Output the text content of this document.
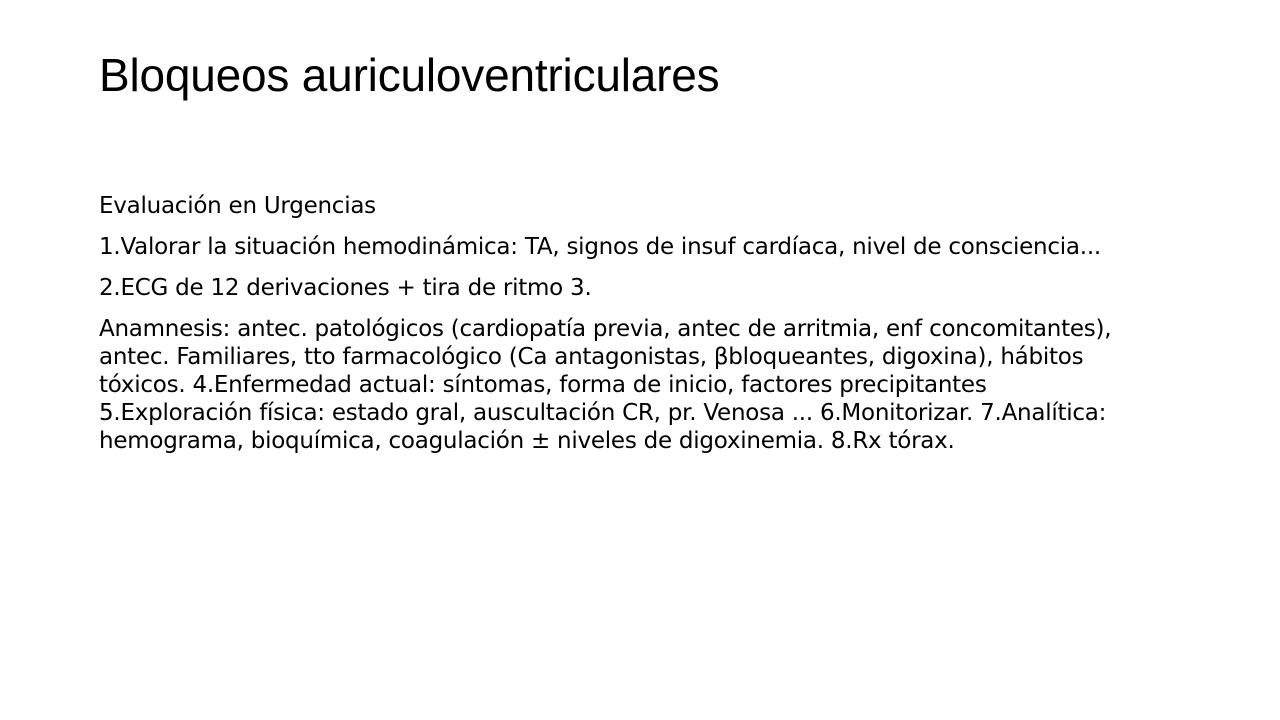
Bloqueos auriculoventriculares

Evaluación en Urgencias

1.Valorar la situación hemodinámica: TA, signos de insuf cardíaca, nivel de consciencia...

2.ECG de 12 derivaciones + tira de ritmo 3.

Anamnesis: antec. patológicos (cardiopatía previa, antec de arritmia, enf concomitantes), antec. Familiares, tto farmacológico (Ca antagonistas, βbloqueantes, digoxina), hábitos tóxicos. 4.Enfermedad actual: síntomas, forma de inicio, factores precipitantes 5.Exploración física: estado gral, auscultación CR, pr. Venosa ... 6.Monitorizar. 7.Analítica: hemograma, bioquímica, coagulación ± niveles de digoxinemia. 8.Rx tórax.
